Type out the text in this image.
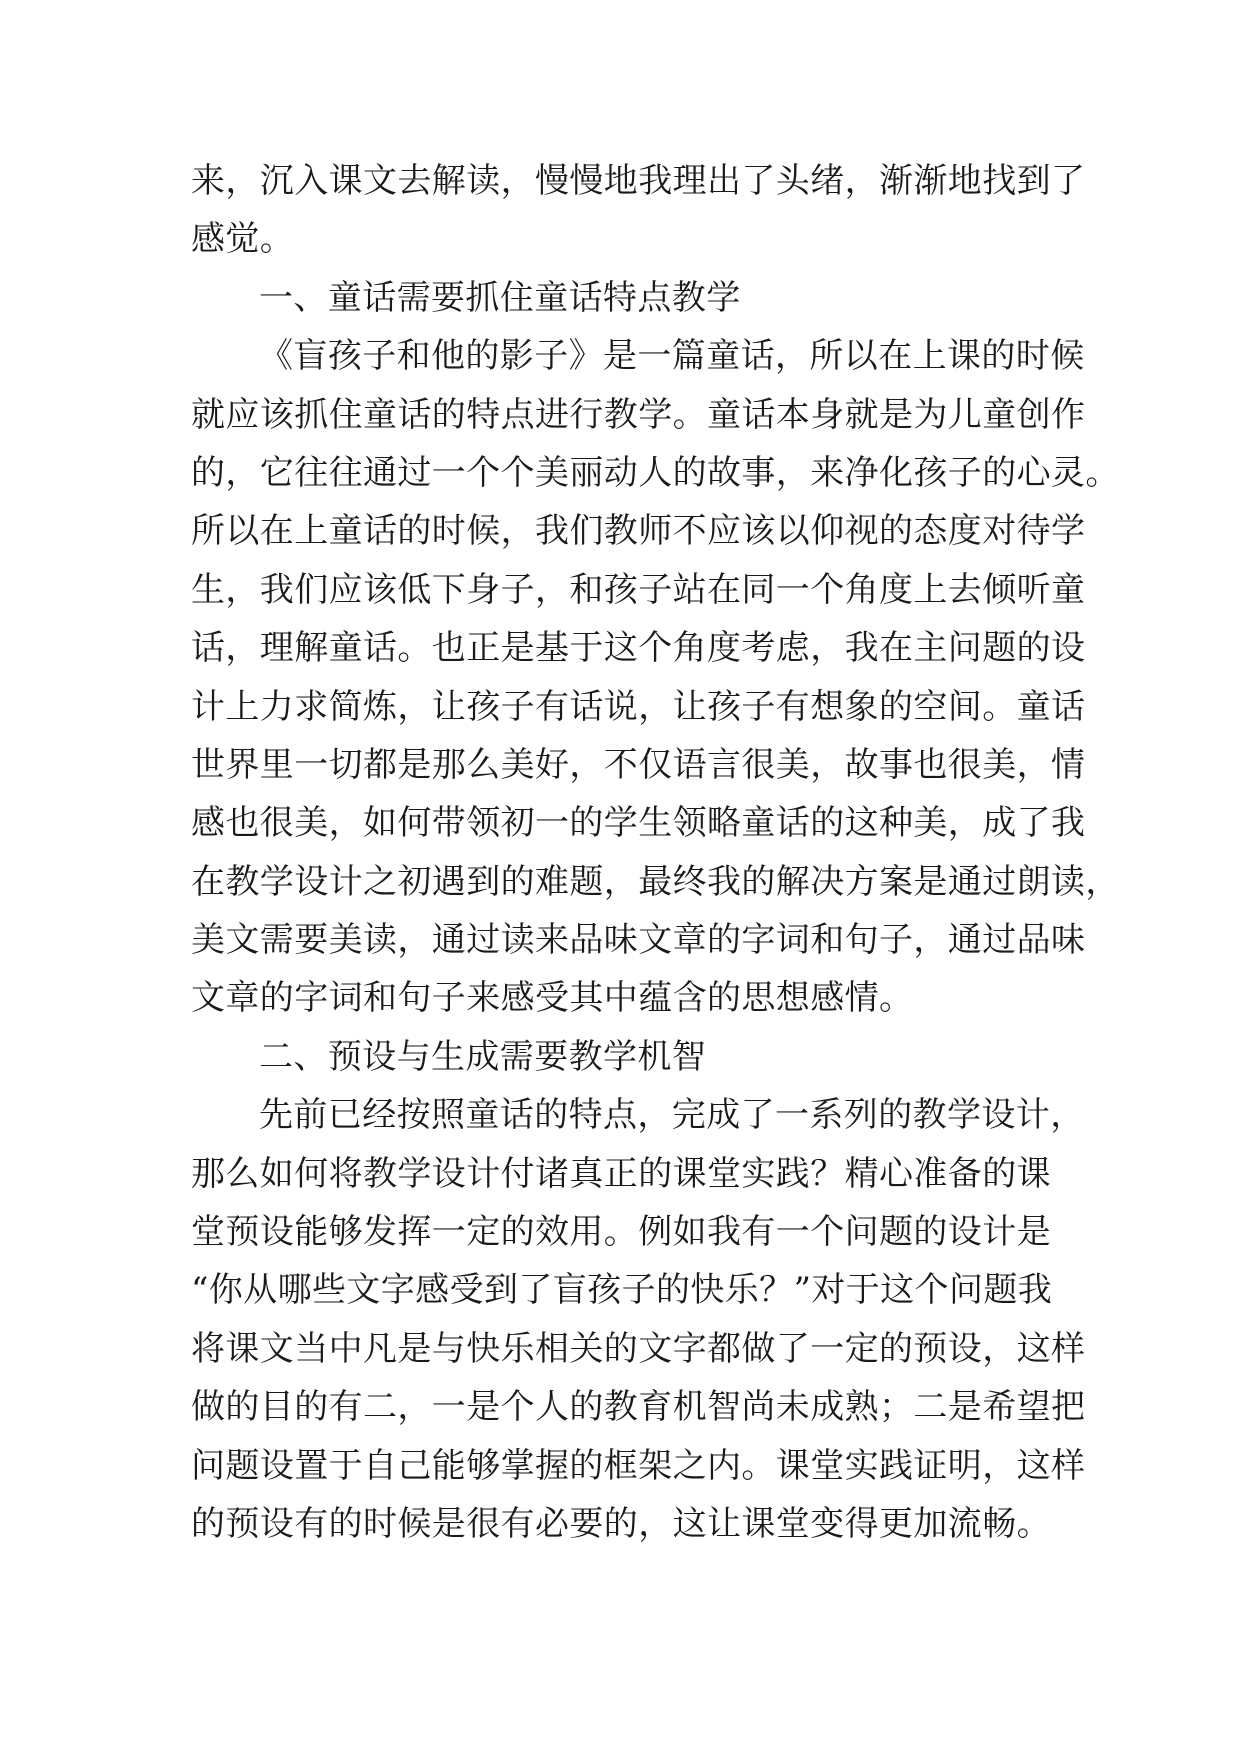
来，沉入课文去解读，慢慢地我理出了头绪，渐渐地找到了
感觉。
一、童话需要抓住童话特点教学
《盲孩子和他的影子》是一篇童话，所以在上课的时候
就应该抓住童话的特点进行教学。童话本身就是为儿童创作
的，它往往通过一个个美丽动人的故事，来净化孩子的心灵。
所以在上童话的时候，我们教师不应该以仰视的态度对待学
生，我们应该低下身子，和孩子站在同一个角度上去倾听童
话，理解童话。也正是基于这个角度考虑，我在主问题的设
计上力求简炼，让孩子有话说，让孩子有想象的空间。童话
世界里一切都是那么美好，不仅语言很美，故事也很美，情
感也很美，如何带领初一的学生领略童话的这种美，成了我
在教学设计之初遇到的难题，最终我的解决方案是通过朗读，
美文需要美读，通过读来品味文章的字词和句子，通过品味
文章的字词和句子来感受其中蕴含的思想感情。
二、预设与生成需要教学机智
先前已经按照童话的特点，完成了一系列的教学设计，
那么如何将教学设计付诸真正的课堂实践？精心准备的课
堂预设能够发挥一定的效用。例如我有一个问题的设计是
“你从哪些文字感受到了盲孩子的快乐？”对于这个问题我
将课文当中凡是与快乐相关的文字都做了一定的预设，这样
做的目的有二，一是个人的教育机智尚未成熟；二是希望把
问题设置于自己能够掌握的框架之内。课堂实践证明，这样
的预设有的时候是很有必要的，这让课堂变得更加流畅。
